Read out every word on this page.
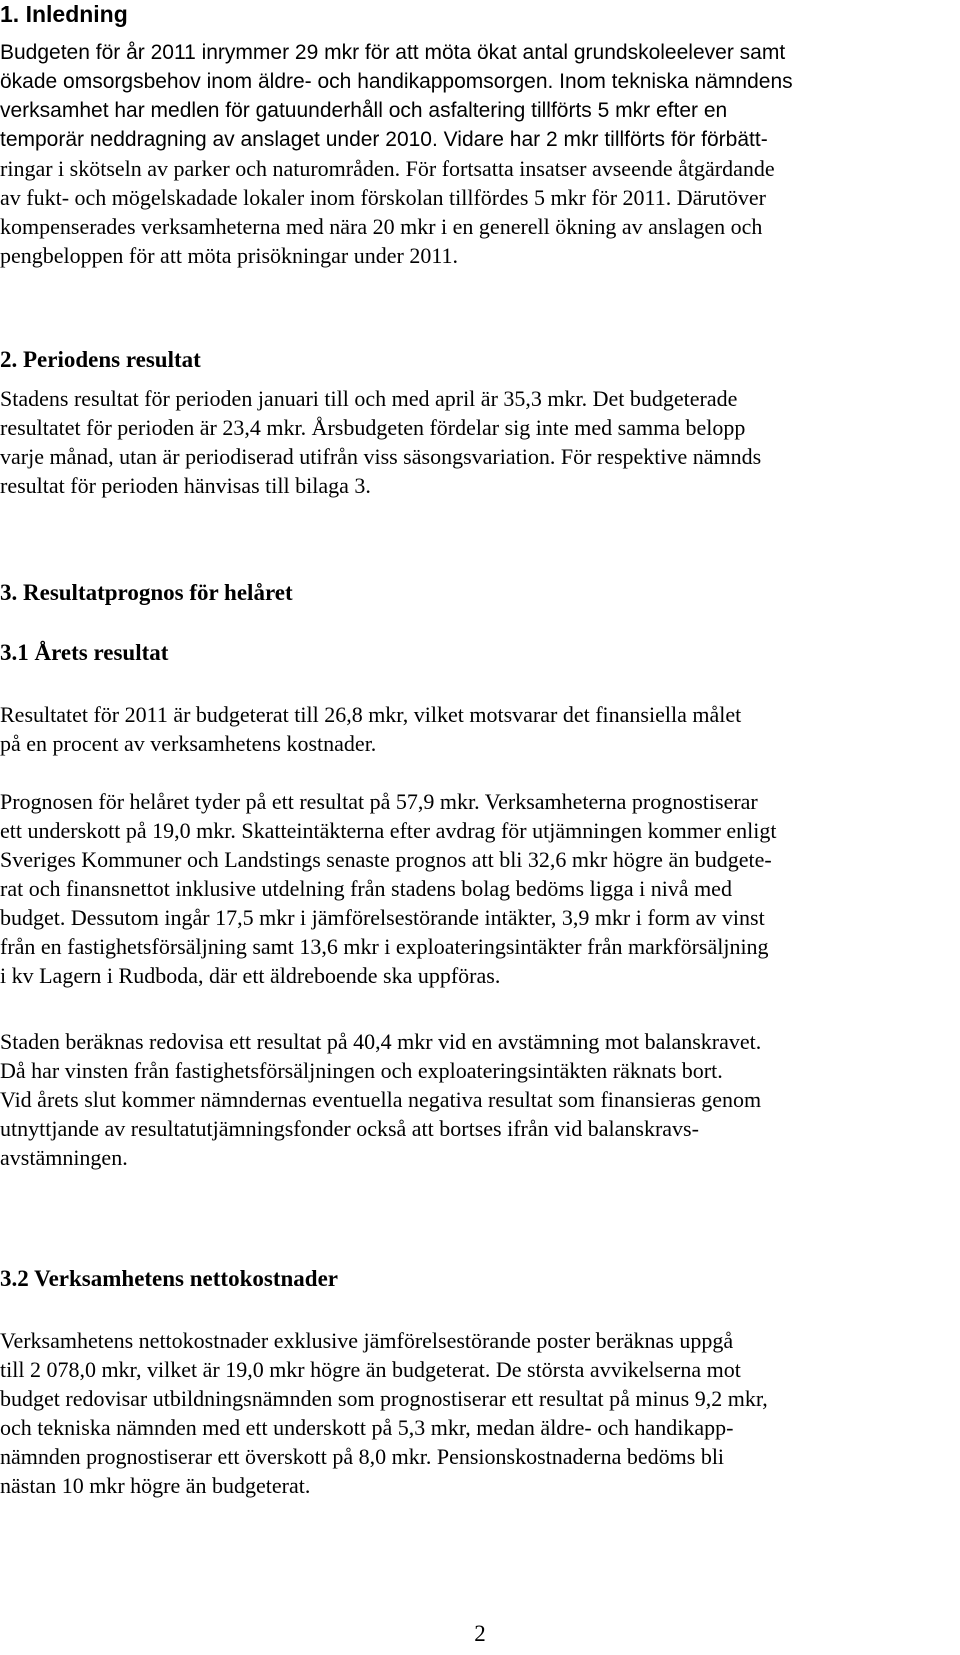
1. Inledning
Budgeten för år 2011 inrymmer 29 mkr för att möta ökat antal grundskoleelever samt
ökade omsorgsbehov inom äldre- och handikappomsorgen. Inom tekniska nämndens
verksamhet har medlen för gatuunderhåll och asfaltering tillförts 5 mkr efter en
temporär neddragning av anslaget under 2010. Vidare har 2 mkr tillförts för förbätt-
ringar i skötseln av parker och naturområden. För fortsatta insatser avseende åtgärdande
av fukt- och mögelskadade lokaler inom förskolan tillfördes 5 mkr för 2011. Därutöver
kompenserades verksamheterna med nära 20 mkr i en generell ökning av anslagen och
pengbeloppen för att möta prisökningar under 2011.
2. Periodens resultat
Stadens resultat för perioden januari till och med april är 35,3 mkr. Det budgeterade
resultatet för perioden är 23,4 mkr. Årsbudgeten fördelar sig inte med samma belopp
varje månad, utan är periodiserad utifrån viss säsongsvariation. För respektive nämnds
resultat för perioden hänvisas till bilaga 3.
3. Resultatprognos för helåret
3.1 Årets resultat
Resultatet för 2011 är budgeterat till 26,8 mkr, vilket motsvarar det finansiella målet
på en procent av verksamhetens kostnader.
Prognosen för helåret tyder på ett resultat på 57,9 mkr. Verksamheterna prognostiserar
ett underskott på 19,0 mkr. Skatteintäkterna efter avdrag för utjämningen kommer enligt
Sveriges Kommuner och Landstings senaste prognos att bli 32,6 mkr högre än budgete-
rat och finansnettot inklusive utdelning från stadens bolag bedöms ligga i nivå med
budget. Dessutom ingår 17,5 mkr i jämförelsestörande intäkter, 3,9 mkr i form av vinst
från en fastighetsförsäljning samt 13,6 mkr i exploateringsintäkter från markförsäljning
i kv Lagern i Rudboda, där ett äldreboende ska uppföras.
Staden beräknas redovisa ett resultat på 40,4 mkr vid en avstämning mot balanskravet.
Då har vinsten från fastighetsförsäljningen och exploateringsintäkten räknats bort.
Vid årets slut kommer nämndernas eventuella negativa resultat som finansieras genom
utnyttjande av resultatutjämningsfonder också att bortses ifrån vid balanskravs-
avstämningen.
3.2 Verksamhetens nettokostnader
Verksamhetens nettokostnader exklusive jämförelsestörande poster beräknas uppgå
till 2 078,0 mkr, vilket är 19,0 mkr högre än budgeterat. De största avvikelserna mot
budget redovisar utbildningsnämnden som prognostiserar ett resultat på minus 9,2 mkr,
och tekniska nämnden med ett underskott på 5,3 mkr, medan äldre- och handikapp-
nämnden prognostiserar ett överskott på 8,0 mkr. Pensionskostnaderna bedöms bli
nästan 10 mkr högre än budgeterat.
2
